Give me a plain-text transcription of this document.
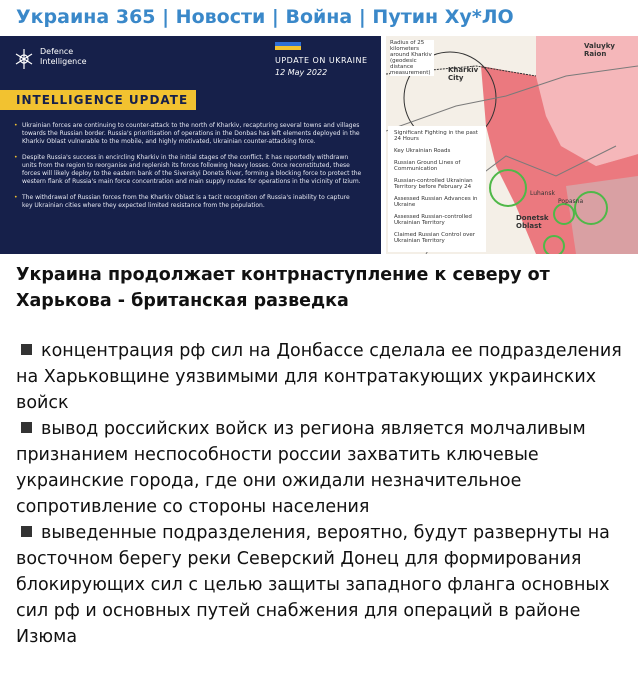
Украина 365 | Новости | Война | Путин Ху*ЛО
Defence
Intelligence	UPDATE ON UKRAINE
12 May 2022
INTELLIGENCE UPDATE
• Ukrainian forces are continuing to counter-attack to the north of Kharkiv, recapturing several towns and villages towards the Russian border. Russia's prioritisation of operations in the Donbas has left elements deployed in the Kharkiv Oblast vulnerable to the mobile, and highly motivated, Ukrainian counter-attacking force.
• Despite Russia's success in encircling Kharkiv in the initial stages of the conflict, it has reportedly withdrawn units from the region to reorganise and replenish its forces following heavy losses. Once reconstituted, these forces will likely deploy to the eastern bank of the Siverskyi Donets River, forming a blocking force to protect the western flank of Russia's main force concentration and main supply routes for operations in the vicinity of Izium.
• The withdrawal of Russian forces from the Kharkiv Oblast is a tacit recognition of Russia's inability to capture key Ukrainian cities where they expected limited resistance from the population.
Radius of 25 kilometers around Kharkiv (geodesic distance measurement)	Kharkiv City
Valuyky Raion
Donetsk Oblast
Luhansk
Popasna
Significant Fighting in the past 24 Hours
Key Ukrainian Roads
Russian Ground Lines of Communication
Russian-controlled Ukrainian Territory before February 24
Assessed Russian Advances in Ukraine
Assessed Russian-controlled Ukrainian Territory
Claimed Russian Control over Ukrainian Territory
Украина продолжает контрнаступление к северу от Харькова - британская разведка
концентрация рф сил на Донбассе сделала ее подразделения на Харьковщине уязвимыми для контратакующих украинских войск
вывод российских войск из региона является молчаливым признанием неспособности россии захватить ключевые украинские города, где они ожидали незначительное сопротивление со стороны населения
выведенные подразделения, вероятно, будут развернуты на восточном берегу реки Северский Донец для формирования блокирующих сил с целью защиты западного фланга основных сил рф и основных путей снабжения для операций в районе Изюма
